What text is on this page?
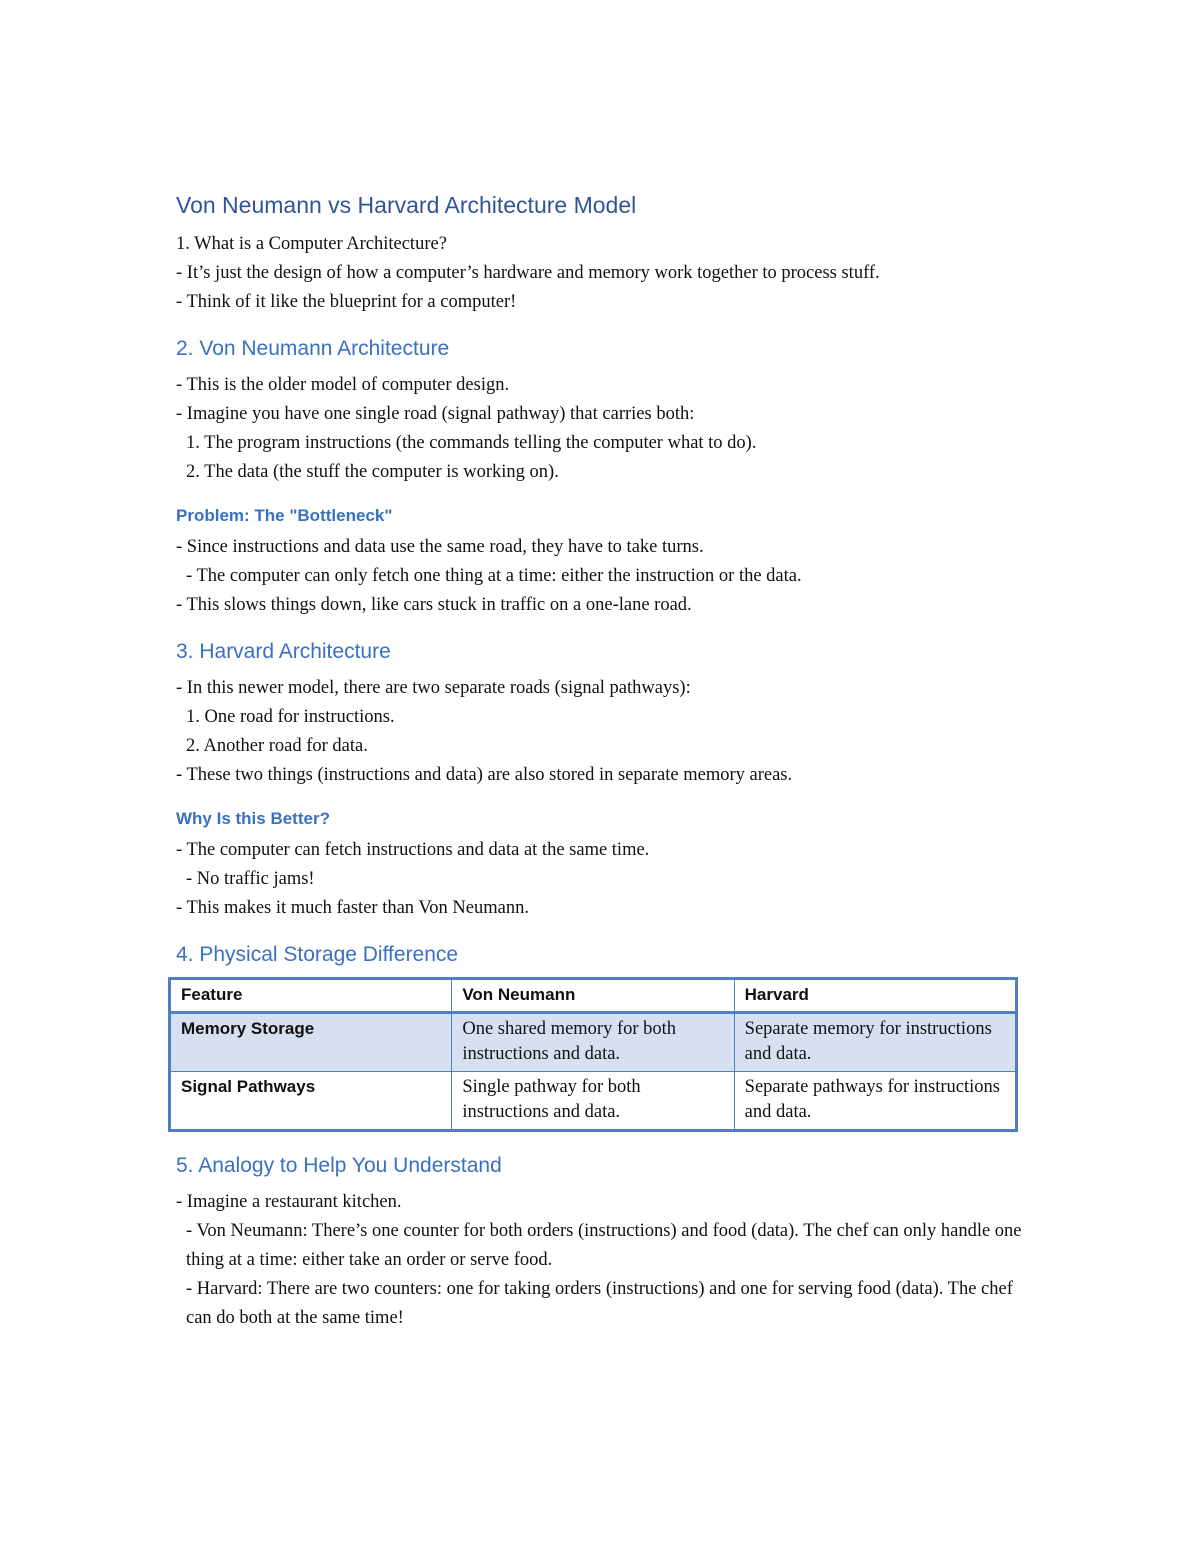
Von Neumann vs Harvard Architecture Model

1. What is a Computer Architecture?

- It’s just the design of how a computer’s hardware and memory work together to process stuff.

- Think of it like the blueprint for a computer!

2. Von Neumann Architecture

- This is the older model of computer design.

- Imagine you have one single road (signal pathway) that carries both:

1. The program instructions (the commands telling the computer what to do).

2. The data (the stuff the computer is working on).

Problem: The "Bottleneck"

- Since instructions and data use the same road, they have to take turns.

- The computer can only fetch one thing at a time: either the instruction or the data.

- This slows things down, like cars stuck in traffic on a one-lane road.

3. Harvard Architecture

- In this newer model, there are two separate roads (signal pathways):

1. One road for instructions.

2. Another road for data.

- These two things (instructions and data) are also stored in separate memory areas.

Why Is this Better?

- The computer can fetch instructions and data at the same time.

- No traffic jams!

- This makes it much faster than Von Neumann.

4. Physical Storage Difference
Feature	Von Neumann	Harvard
Memory Storage	One shared memory for both instructions and data.	Separate memory for instructions and data.
Signal Pathways	Single pathway for both instructions and data.	Separate pathways for instructions and data.
5. Analogy to Help You Understand

- Imagine a restaurant kitchen.

- Von Neumann: There’s one counter for both orders (instructions) and food (data). The chef can only handle one thing at a time: either take an order or serve food.

- Harvard: There are two counters: one for taking orders (instructions) and one for serving food (data). The chef can do both at the same time!
